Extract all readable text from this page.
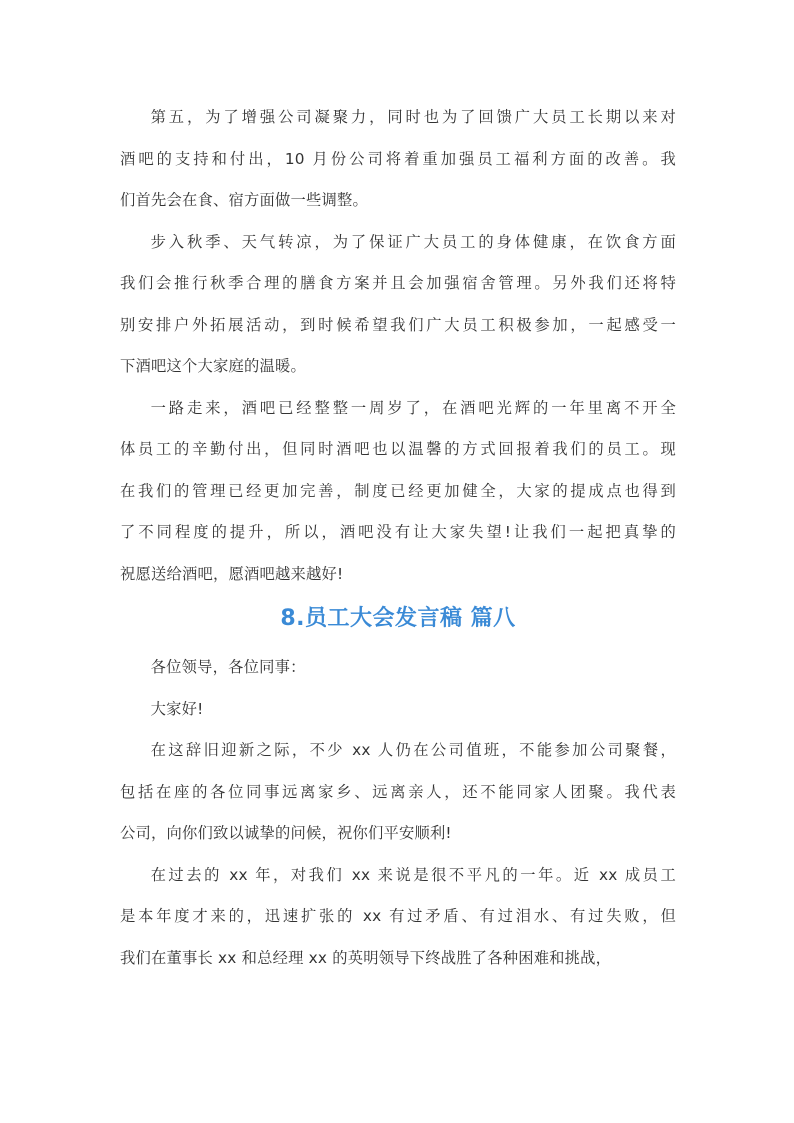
第五，为了增强公司凝聚力，同时也为了回馈广大员工长期以来对
酒吧的支持和付出，10 月份公司将着重加强员工福利方面的改善。我
们首先会在食、宿方面做一些调整。
步入秋季、天气转凉，为了保证广大员工的身体健康，在饮食方面
我们会推行秋季合理的膳食方案并且会加强宿舍管理。另外我们还将特
别安排户外拓展活动，到时候希望我们广大员工积极参加，一起感受一
下酒吧这个大家庭的温暖。
一路走来，酒吧已经整整一周岁了，在酒吧光辉的一年里离不开全
体员工的辛勤付出，但同时酒吧也以温馨的方式回报着我们的员工。现
在我们的管理已经更加完善，制度已经更加健全，大家的提成点也得到
了不同程度的提升，所以，酒吧没有让大家失望!让我们一起把真挚的
祝愿送给酒吧，愿酒吧越来越好!
8.员工大会发言稿 篇八
各位领导，各位同事：
大家好!
在这辞旧迎新之际，不少 xx 人仍在公司值班，不能参加公司聚餐，
包括在座的各位同事远离家乡、远离亲人，还不能同家人团聚。我代表
公司，向你们致以诚挚的问候，祝你们平安顺利!
在过去的 xx 年，对我们 xx 来说是很不平凡的一年。近 xx 成员工
是本年度才来的，迅速扩张的 xx 有过矛盾、有过泪水、有过失败，但
我们在董事长 xx 和总经理 xx 的英明领导下终战胜了各种困难和挑战，
